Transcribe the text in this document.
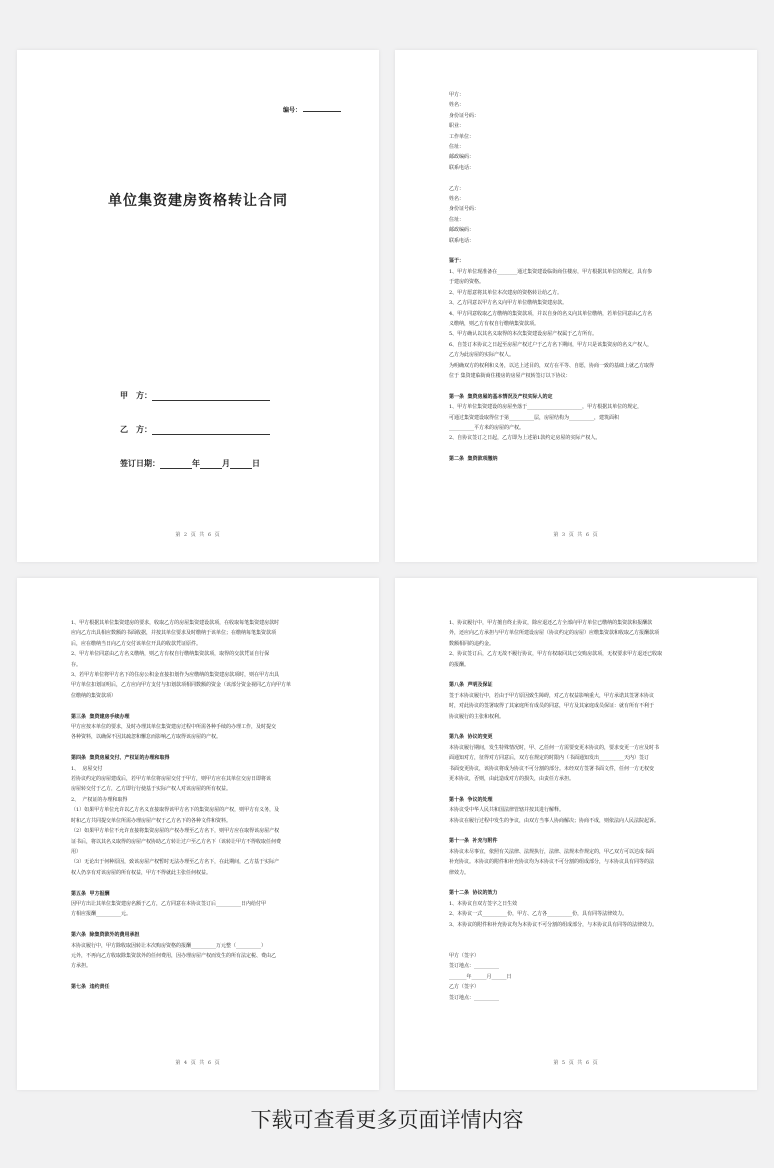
编号：
单位集资建房资格转让合同
甲　方：
乙　方：
签订日期：	年	月	日
第 2 页 共 6 页
甲方：
姓名：
身份证号码：
职业：
工作单位：
住址：
邮政编码：
联系电话：
乙方：
姓名：
身份证号码：
住址：
邮政编码：
联系电话：
鉴于：
1、甲方单位现准备在________通过集资建设临街商住楼房，甲方根据其单位的规定，具有参
于建房的资格。
2、甲方愿意将其单位本次建房的资格转让给乙方。
3、乙方同意以甲方名义向甲方单位缴纳集资建房款。
4、甲方同意收取乙方缴纳的集资款项，并以自身的名义向其单位缴纳，若单位同意由乙方名
义缴纳，则乙方有权自行缴纳集资款项。
5、甲方确认以其名义取得的本次集资建设房屋产权属于乙方所有。
6、自签订本协议之日起至房屋产权过户于乙方名下期间，甲方只是该集资房的名义产权人，
乙方为此房屋的实际产权人。
为明确双方的权利和义务，以达上述目的，双方在平等、自愿，协商一致的基础上就乙方取得
位于 集资建临街商住楼房的房屋产权转签订以下协议：
第一条  集资房屋的基本情况及产权实际人的定
1、甲方单位集资建设的房屋坐落于______________________，甲方根据其单位的规定，
可通过集资建设取得位于第__________层，房屋结构为__________，建筑面积
__________平方米的房屋的产权。
2、自协议签订之日起，乙方即为上述第1款约定房屋的实际产权人。
第二条  集资款项缴纳
第 3 页 共 6 页
1、甲方根据其单位集资建房的要求，收取乙方的房屋集资建设款项，在收取每笔集资建房款时
应向乙方出具相应数额的书面收据，并按其单位要求及时缴纳于该单位；在缴纳每笔集资款项
后，应在缴纳当日向乙方交付该单位开具的收款凭证原件。
2、甲方单位同意由乙方名义缴纳，则乙方有权自行缴纳集资款项，取得的交款凭证自行保
存。
3、若甲方单位将甲方名下的住房公积金直接扣划作为应缴纳的集资建房款项时，则在甲方出具
甲方单位扣划证明后，乙方应向甲方支付与扣划款项相同数额的资金（该部分资金视同乙方向甲方单
位缴纳的集资款项）
第三条  集资建房手续办理
甲方应按本单位的要求，及时办理其单位集资建房过程中所需各种手续的办理工作，及时提交
各种资料，以确保不因其疏忽和懈怠而影响乙方取得该房屋的产权。
第四条  集资房屋交付、产权证的办理和取得
1、  房屋交付
若协议约定的房屋建成后，若甲方单位将房屋交付于甲方，则甲方应在其单位交房日即将该
房屋转交付于乙方，乙方即行行使基于实际产权人对该房屋的所有权益。
2、  产权证的办理和取得
（1）如果甲方单位允许以乙方名义直接取得该甲方名下的集资房屋的产权，则甲方有义务，及
时和乙方共同提交单位所需办理房屋产权于乙方名下的各种文件和资料。
（2）如果甲方单位不允许直接将集资房屋的产权办理至乙方名下，则甲方应在取得该房屋产权
证书后，将以其名义取得的房屋产权协助乙方转让过户至乙方名下（该转让甲方不得收取任何费
用）
（3）无论出于何种原因，致该房屋产权暂时无法办理至乙方名下，在此期间，乙方基于实际产
权人仍享有对该房屋的所有权益，甲方不得就此主张任何权益。
第五条  甲方报酬
因甲方出让其单位集资建房名额于乙方，乙方同意在本协议签订后__________日内给付甲
方相应报酬__________元。
第六条  除集资款外的费用承担
本协议履行中，甲方除收取因转让本次购房资格的报酬__________万元整（__________）
元外，不再向乙方收取除集资款外的任何费用，因办理房屋产权而发生的所有法定税、费由乙
方承担。
第七条  违约责任
第 4 页 共 6 页
1、协议履行中，甲方擅自终止协议，除应退还乙方全部向甲方单位已缴纳的集资款和报酬款
外，还应向乙方承担与甲方单位所建设房屋（协议约定的房屋）应缴集资款和收取乙方报酬款项
数额相同的违约金。
2、协议签订后，乙方无故不履行协议，甲方有权取回其已交购房款项，无权要求甲方退还已收取
的报酬。
第八条  声明及保证
签于本协议履行中，若由于甲方原因致生障碍，对乙方权益影响重大，甲方承诺其签署本协议
时，对此协议的签署取得了其家庭所有成员的同意，甲方及其家庭成员保证：就有所有不利于
协议履行的主张和权利。
第九条  协议的变更
本协议履行期间，发生特殊情况时，甲、乙任何一方需要变更本协议的，要求变更一方应及时书
面通知对方，征得对方同意后，双方在规定的时限内（书面通知发出__________天内）签订
书面变更协议，该协议将成为协议不可分割的部分。未经双方签署书面文件，任何一方无权变
更本协议，否则，由此造成对方的损失，由责任方承担。
第十条  争议的处理
本协议受中华人民共和国法律管辖并按其进行解释。
本协议在履行过程中发生的争议，由双方当事人协商解决；协商不成，则依法向人民法院起诉。
第十一条  补充与附件
本协议未尽事宜，依照有关法律、法规执行，法律、法规未作规定的，甲乙双方可以达成书面
补充协议。本协议的附件和补充协议均为本协议不可分割的组成部分，与本协议具有同等的法
律效力。
第十二条  协议的效力
1、本协议自双方签字之日生效
2、本协议一式__________份，甲方、乙方各__________份，具有同等法律效力。
3、本协议的附件和补充协议均为本协议不可分割的组成部分，与本协议具有同等的法律效力。
甲方（签字）
签订地点：__________
_______年______月______日
乙方（签字）
签订地点：__________
第 5 页 共 6 页
下载可查看更多页面详情内容
